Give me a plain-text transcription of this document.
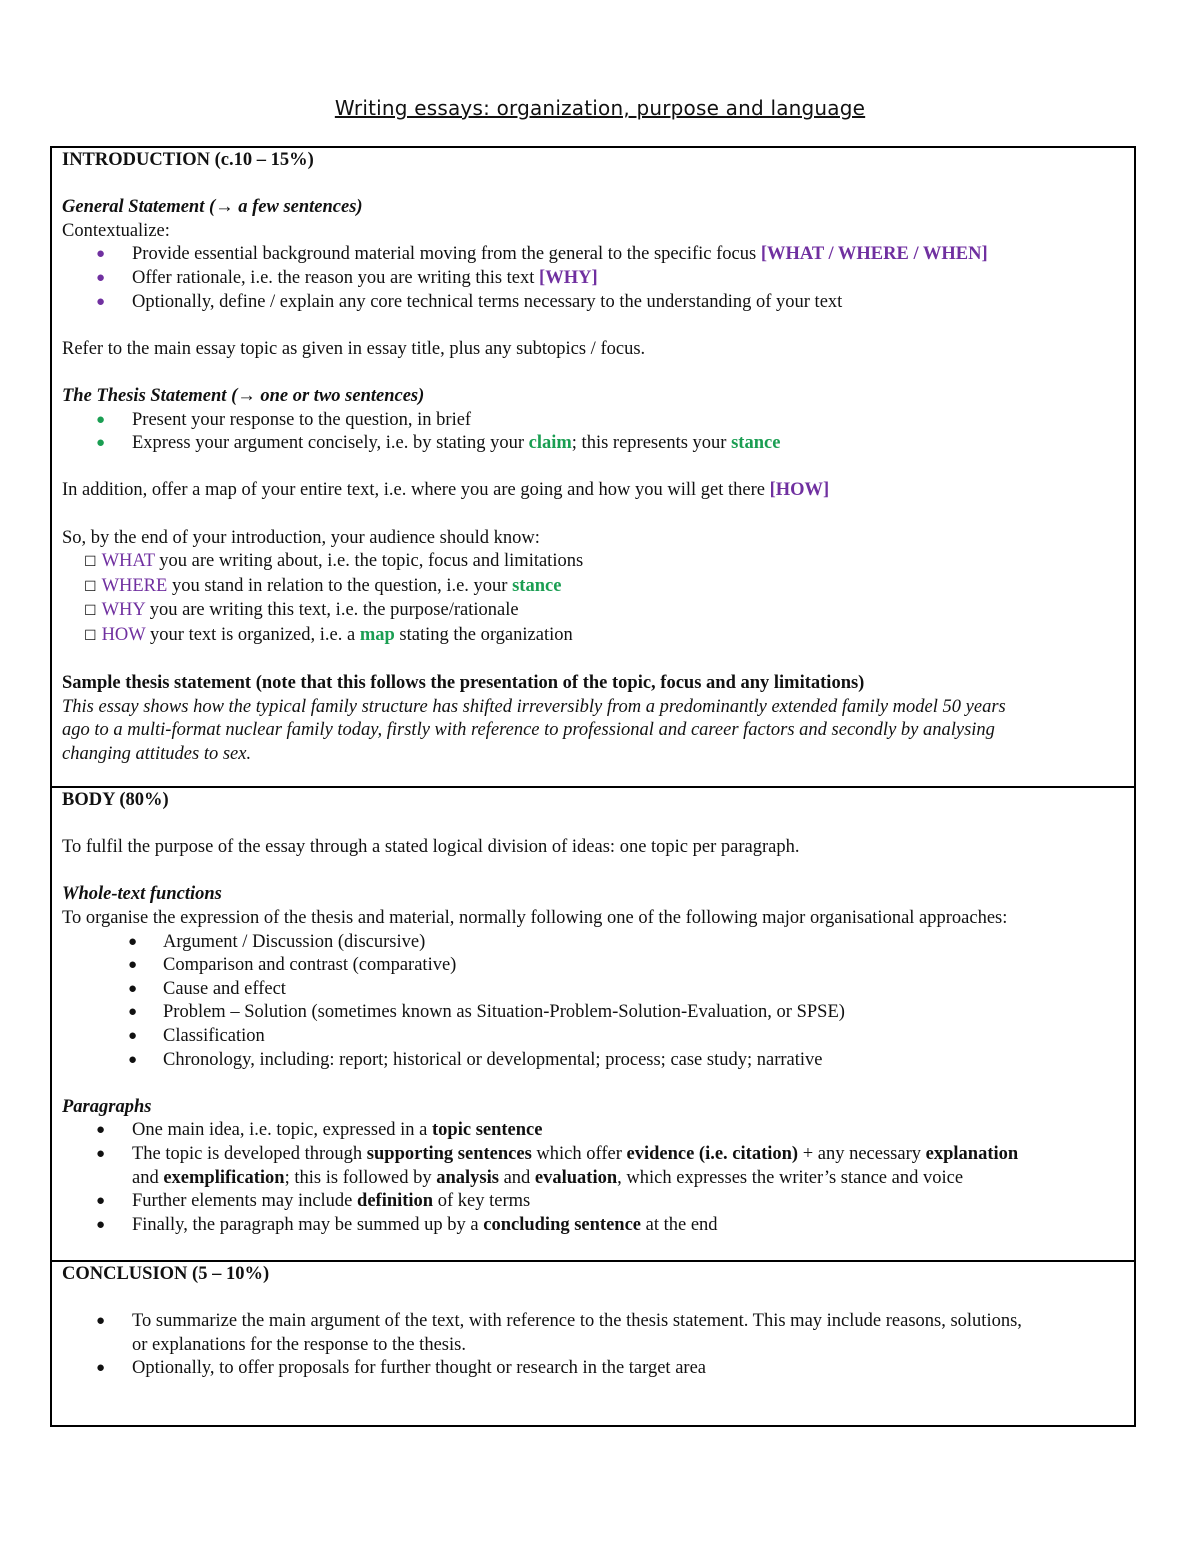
Writing essays: organization, purpose and language
INTRODUCTION (c.10 – 15%)
General Statement (→ a few sentences)
Contextualize:
● Provide essential background material moving from the general to the specific focus [WHAT / WHERE / WHEN]
● Offer rationale, i.e. the reason you are writing this text [WHY]
● Optionally, define / explain any core technical terms necessary to the understanding of your text
Refer to the main essay topic as given in essay title, plus any subtopics / focus.
The Thesis Statement (→ one or two sentences)
● Present your response to the question, in brief
● Express your argument concisely, i.e. by stating your claim; this represents your stance
In addition, offer a map of your entire text, i.e. where you are going and how you will get there [HOW]
So, by the end of your introduction, your audience should know:
☐ WHAT you are writing about, i.e. the topic, focus and limitations
☐ WHERE you stand in relation to the question, i.e. your stance
☐ WHY you are writing this text, i.e. the purpose/rationale
☐ HOW your text is organized, i.e. a map stating the organization
Sample thesis statement (note that this follows the presentation of the topic, focus and any limitations)
This essay shows how the typical family structure has shifted irreversibly from a predominantly extended family model 50 years
ago to a multi-format nuclear family today, firstly with reference to professional and career factors and secondly by analysing
changing attitudes to sex.
BODY (80%)
To fulfil the purpose of the essay through a stated logical division of ideas: one topic per paragraph.
Whole-text functions
To organise the expression of the thesis and material, normally following one of the following major organisational approaches:
● Argument / Discussion (discursive)
● Comparison and contrast (comparative)
● Cause and effect
● Problem – Solution (sometimes known as Situation-Problem-Solution-Evaluation, or SPSE)
● Classification
● Chronology, including: report; historical or developmental; process; case study; narrative
Paragraphs
● One main idea, i.e. topic, expressed in a topic sentence
● The topic is developed through supporting sentences which offer evidence (i.e. citation) + any necessary explanation
and exemplification; this is followed by analysis and evaluation, which expresses the writer’s stance and voice
● Further elements may include definition of key terms
● Finally, the paragraph may be summed up by a concluding sentence at the end
CONCLUSION (5 – 10%)
● To summarize the main argument of the text, with reference to the thesis statement. This may include reasons, solutions,
or explanations for the response to the thesis.
● Optionally, to offer proposals for further thought or research in the target area
